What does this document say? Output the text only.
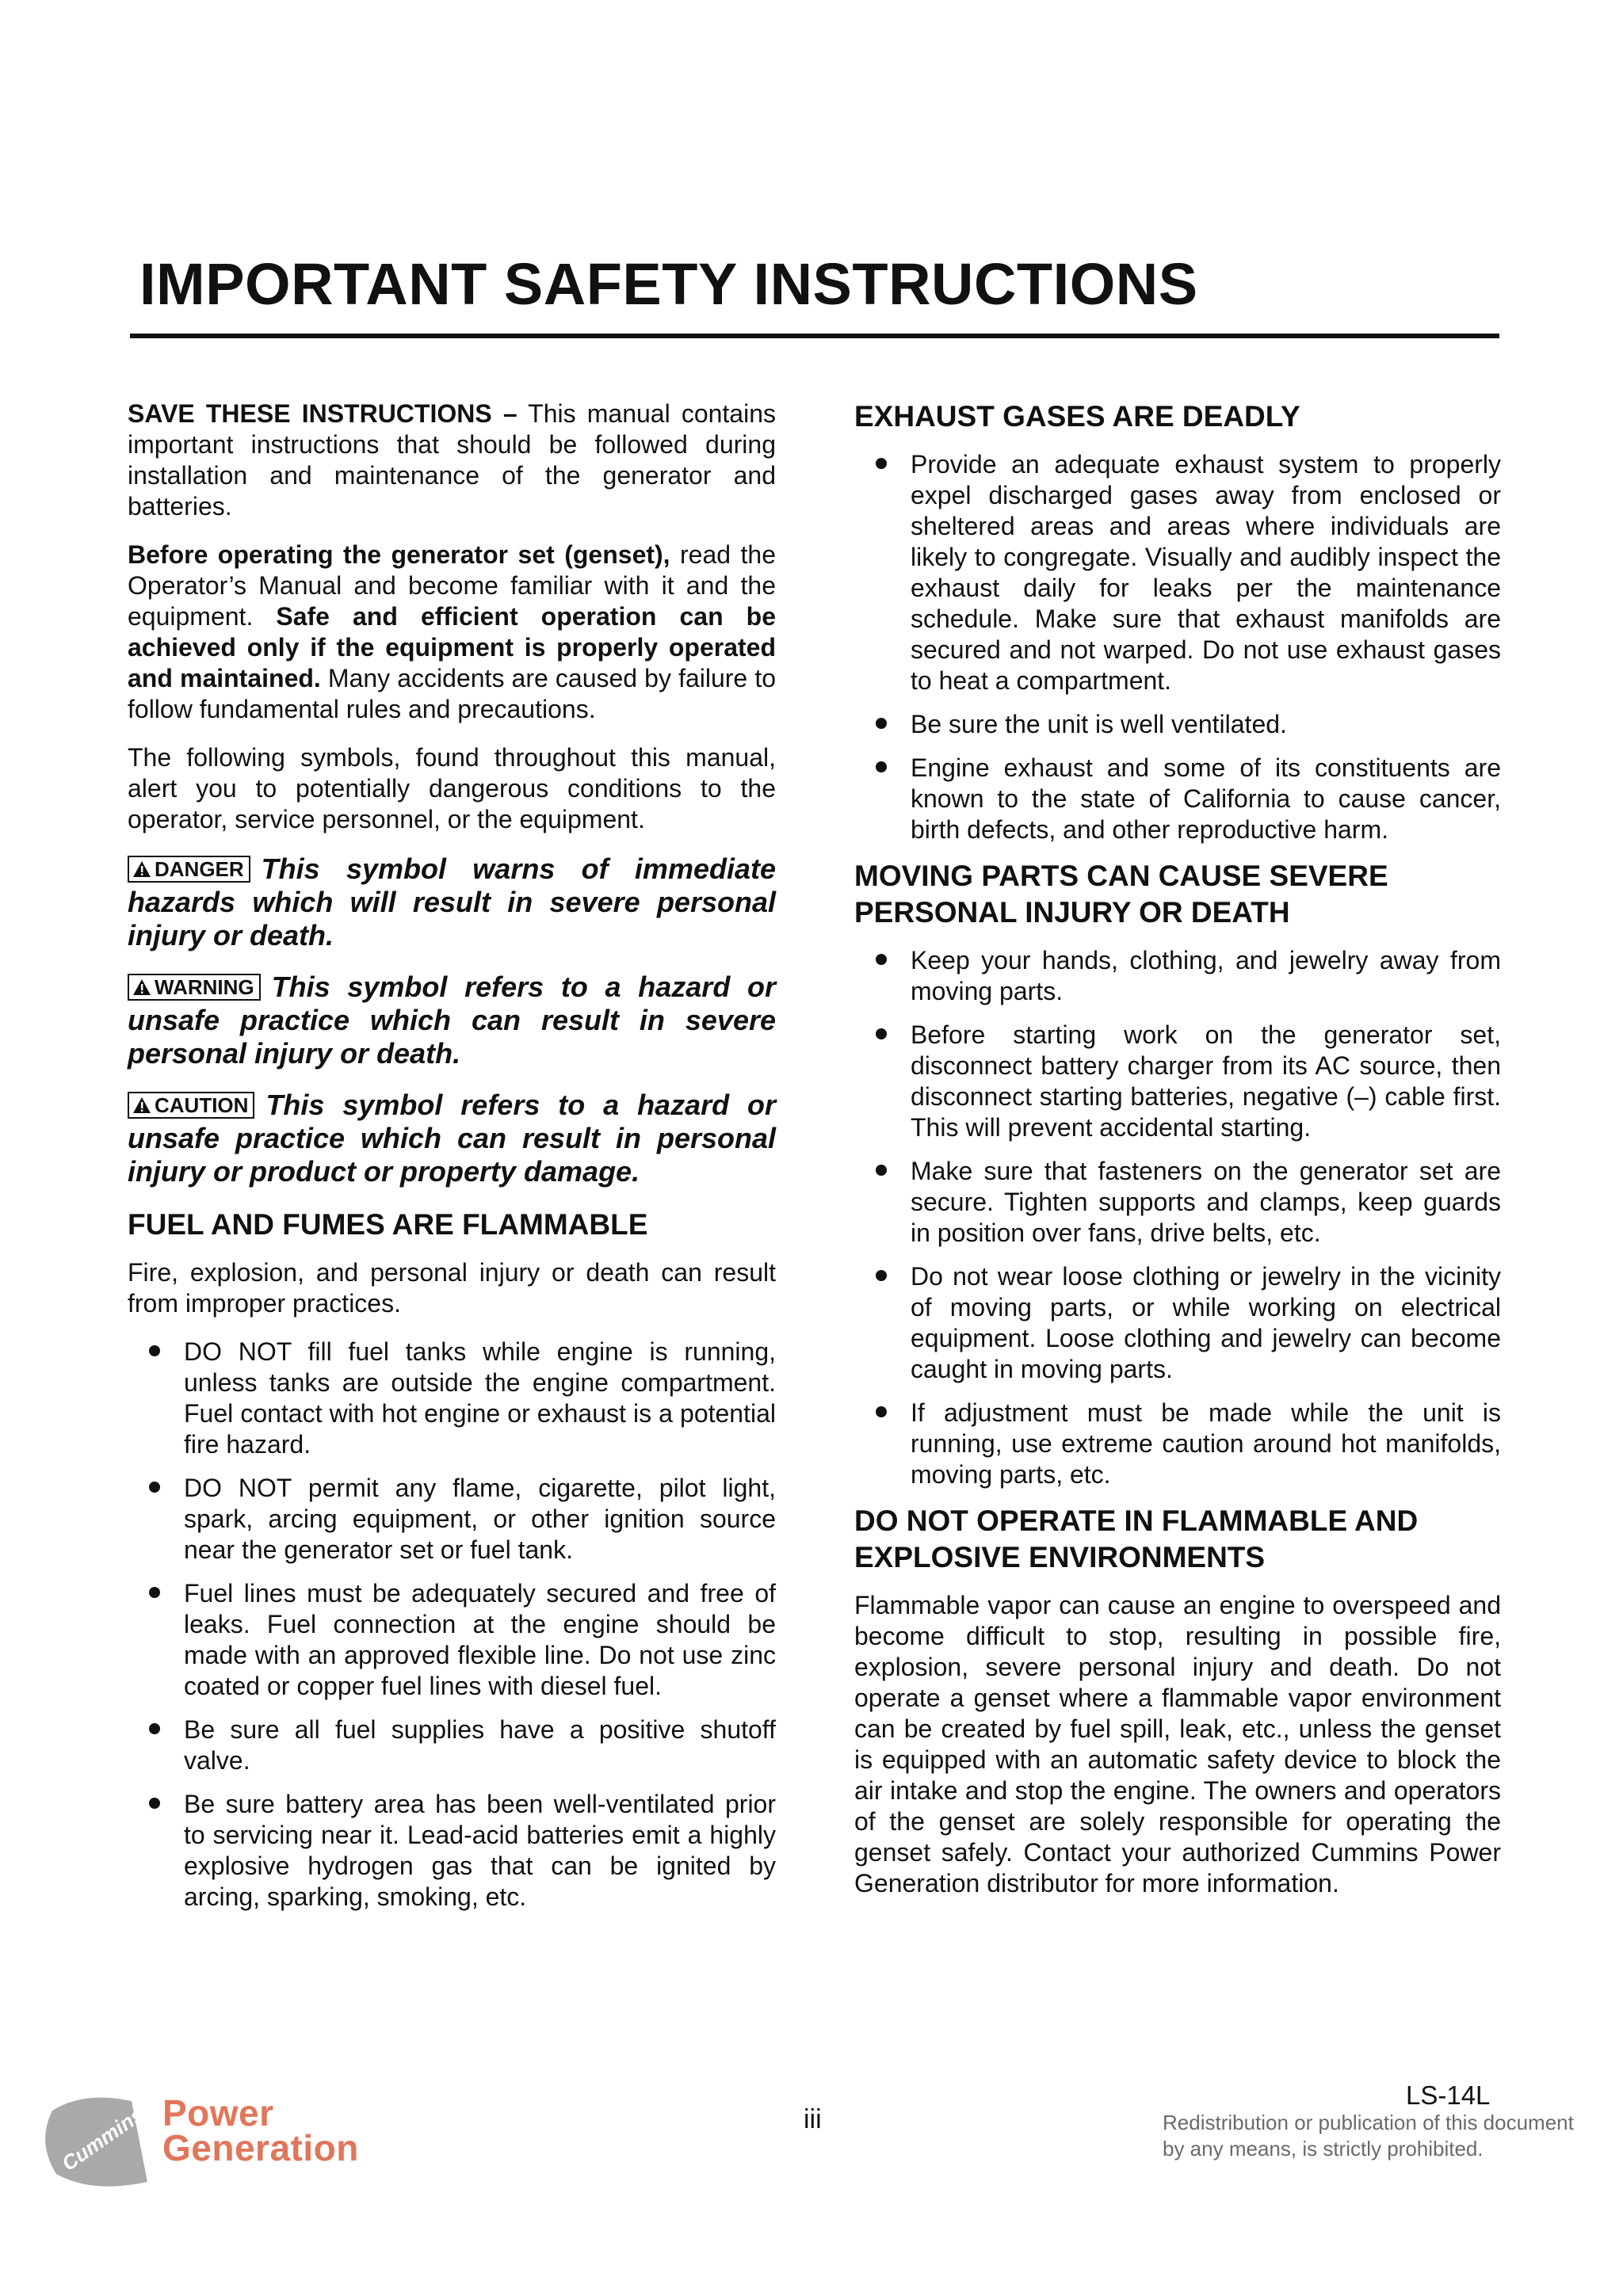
IMPORTANT SAFETY INSTRUCTIONS

SAVE THESE INSTRUCTIONS – This manual contains important instructions that should be followed during installation and maintenance of the generator and batteries.

Before operating the generator set (genset), read the Operator’s Manual and become familiar with it and the equipment. Safe and efficient operation can be achieved only if the equipment is properly operated and maintained. Many accidents are caused by failure to follow fundamental rules and precautions.

The following symbols, found throughout this manual, alert you to potentially dangerous conditions to the operator, service personnel, or the equipment.

DANGER This symbol warns of immediate hazards which will result in severe personal injury or death.

WARNING This symbol refers to a hazard or unsafe practice which can result in severe personal injury or death.

CAUTION This symbol refers to a hazard or unsafe practice which can result in personal injury or product or property damage.

FUEL AND FUMES ARE FLAMMABLE

Fire, explosion, and personal injury or death can result from improper practices.

DO NOT fill fuel tanks while engine is running, unless tanks are outside the engine compartment. Fuel contact with hot engine or exhaust is a potential fire hazard.
DO NOT permit any flame, cigarette, pilot light, spark, arcing equipment, or other ignition source near the generator set or fuel tank.
Fuel lines must be adequately secured and free of leaks. Fuel connection at the engine should be made with an approved flexible line. Do not use zinc coated or copper fuel lines with diesel fuel.
Be sure all fuel supplies have a positive shutoff valve.
Be sure battery area has been well-ventilated prior to servicing near it. Lead-acid batteries emit a highly explosive hydrogen gas that can be ignited by arcing, sparking, smoking, etc.
EXHAUST GASES ARE DEADLY
Provide an adequate exhaust system to properly expel discharged gases away from enclosed or sheltered areas and areas where individuals are likely to congregate. Visually and audibly inspect the exhaust daily for leaks per the maintenance schedule. Make sure that exhaust manifolds are secured and not warped. Do not use exhaust gases to heat a compartment.
Be sure the unit is well ventilated.
Engine exhaust and some of its constituents are known to the state of California to cause cancer, birth defects, and other reproductive harm.
MOVING PARTS CAN CAUSE SEVERE PERSONAL INJURY OR DEATH
Keep your hands, clothing, and jewelry away from moving parts.
Before starting work on the generator set, disconnect battery charger from its AC source, then disconnect starting batteries, negative (–) cable first. This will prevent accidental starting.
Make sure that fasteners on the generator set are secure. Tighten supports and clamps, keep guards in position over fans, drive belts, etc.
Do not wear loose clothing or jewelry in the vicinity of moving parts, or while working on electrical equipment. Loose clothing and jewelry can become caught in moving parts.
If adjustment must be made while the unit is running, use extreme caution around hot manifolds, moving parts, etc.
DO NOT OPERATE IN FLAMMABLE AND EXPLOSIVE ENVIRONMENTS

Flammable vapor can cause an engine to overspeed and become difficult to stop, resulting in possible fire, explosion, severe personal injury and death. Do not operate a genset where a flammable vapor environment can be created by fuel spill, leak, etc., unless the genset is equipped with an automatic safety device to block the air intake and stop the engine. The owners and operators of the genset are solely responsible for operating the genset safely. Contact your authorized Cummins Power Generation distributor for more information.

Cummins Power
Generation
LS-14L
iii	Redistribution or publication of this document
by any means, is strictly prohibited.
